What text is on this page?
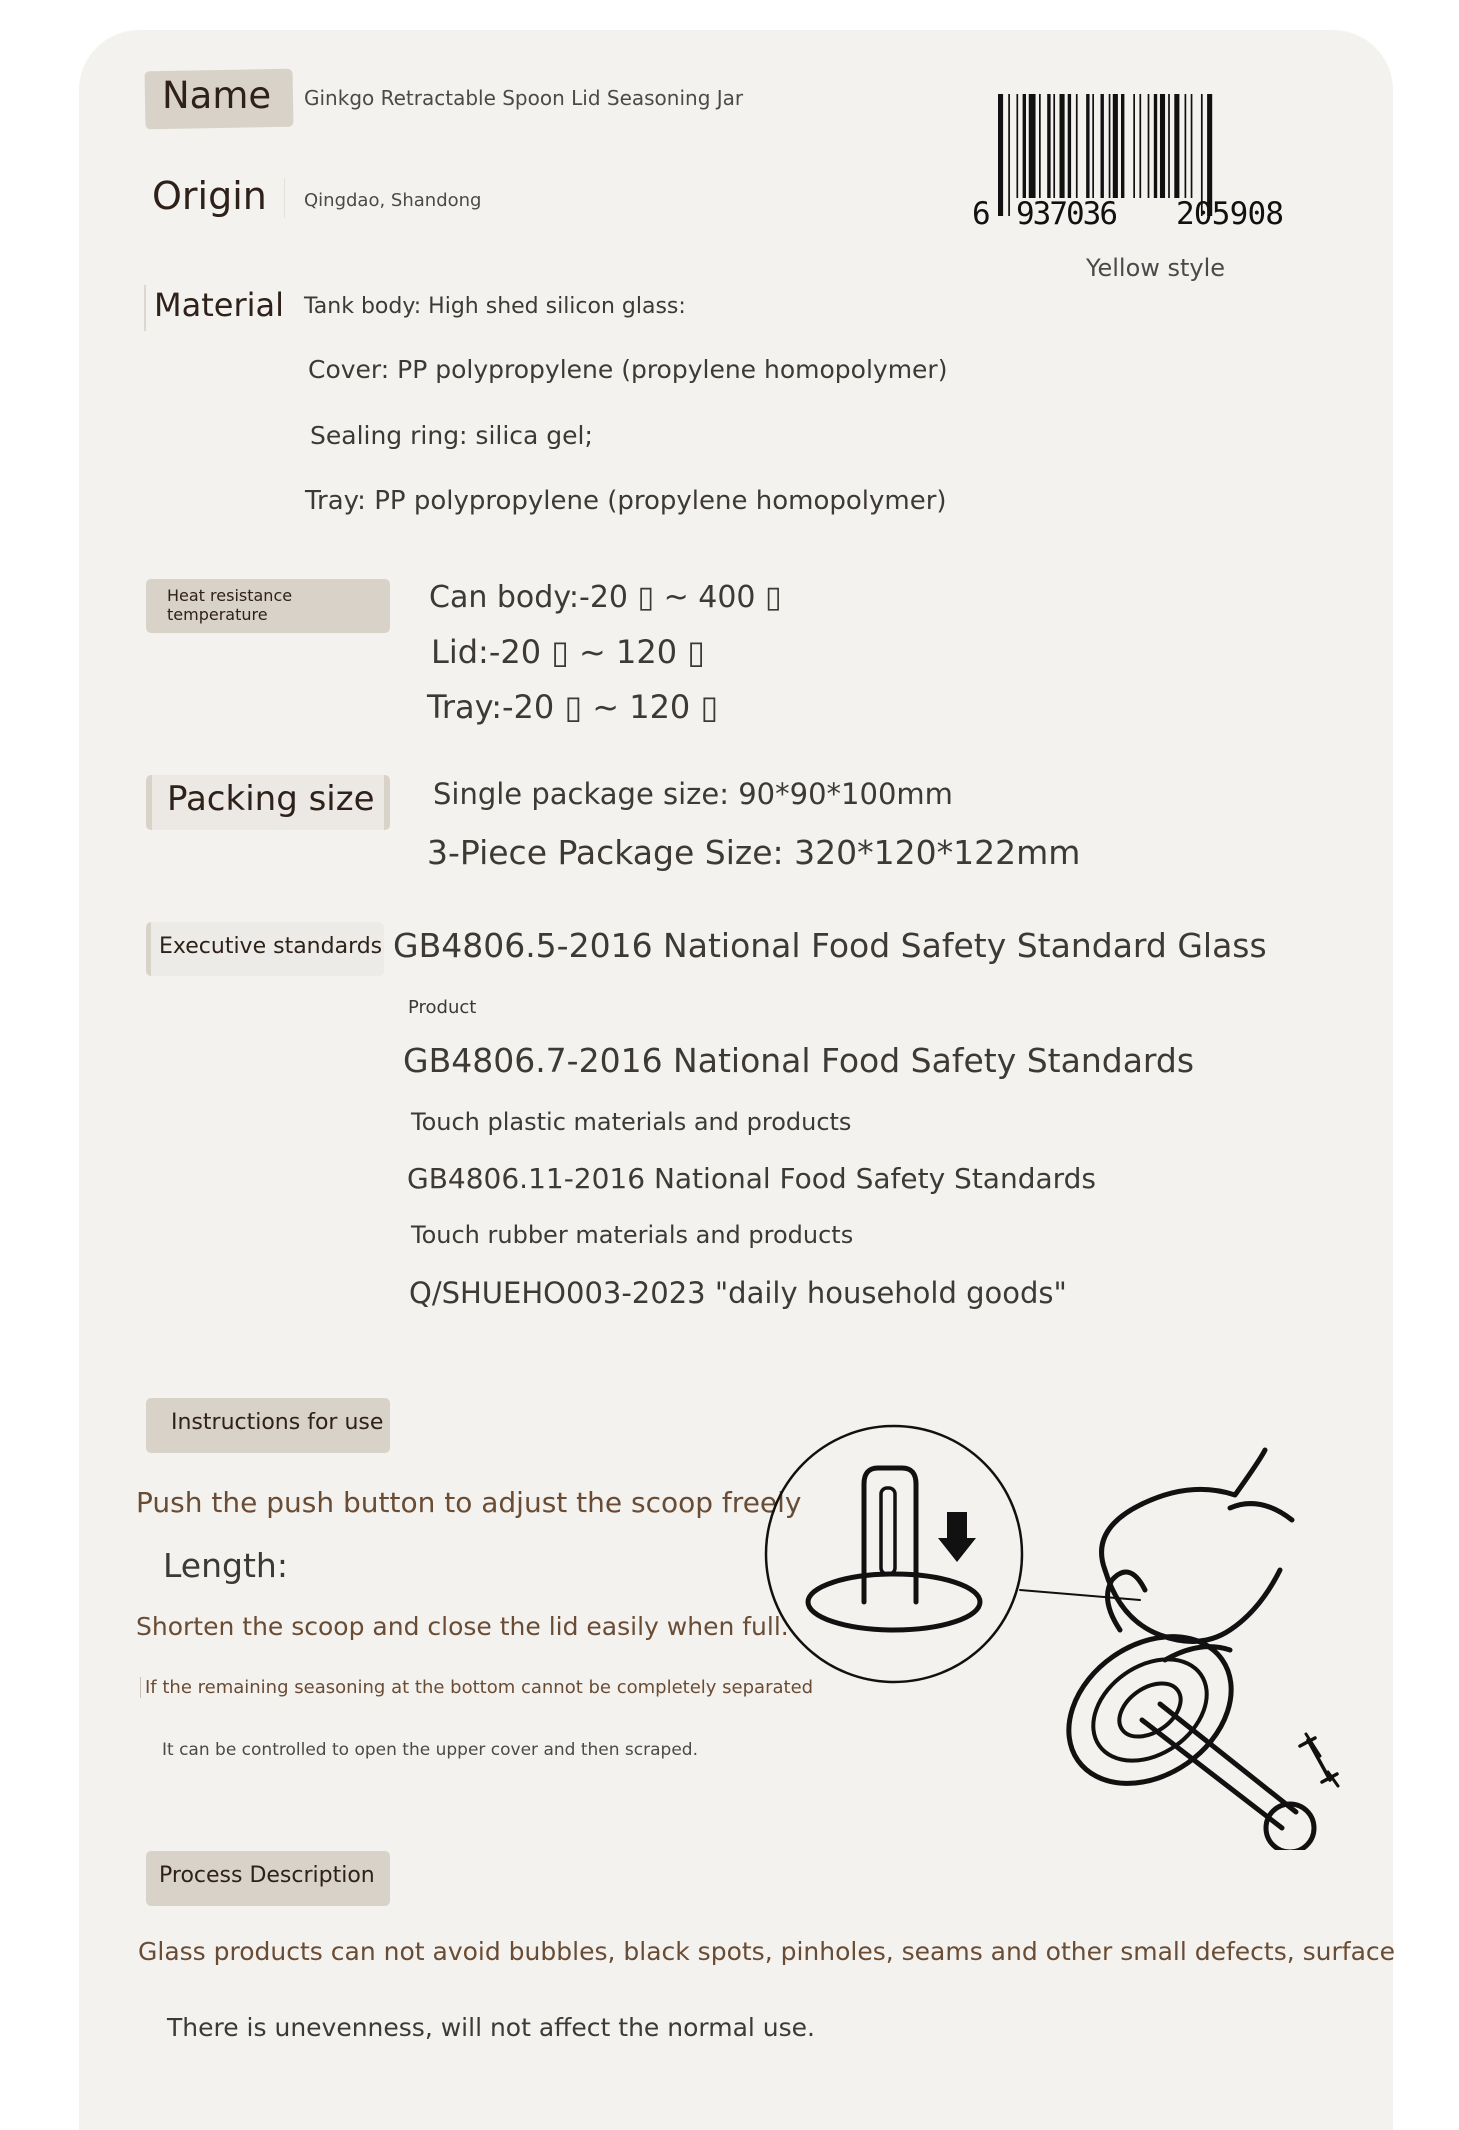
Name Ginkgo Retractable Spoon Lid Seasoning Jar
Origin Qingdao, Shandong	6 937036 205908
Yellow style
Material Tank body: High shed silicon glass:
Cover: PP polypropylene (propylene homopolymer)
Sealing ring: silica gel;
Tray: PP polypropylene (propylene homopolymer)
Heat resistance
temperature	Can body:-20 ▯ ~ 400 ▯
Lid:-20 ▯ ~ 120 ▯
Tray:-20 ▯ ~ 120 ▯
Packing size Single package size: 90*90*100mm
3-Piece Package Size: 320*120*122mm
Executive standards GB4806.5-2016 National Food Safety Standard Glass
Product
GB4806.7-2016 National Food Safety Standards
Touch plastic materials and products
GB4806.11-2016 National Food Safety Standards
Touch rubber materials and products
Q/SHUEHO003-2023 "daily household goods"
Instructions for use
Push the push button to adjust the scoop freely
Length:
Shorten the scoop and close the lid easily when full.
If the remaining seasoning at the bottom cannot be completely separated
It can be controlled to open the upper cover and then scraped.
Process Description
Glass products can not avoid bubbles, black spots, pinholes, seams and other small defects, surface
There is unevenness, will not affect the normal use.
